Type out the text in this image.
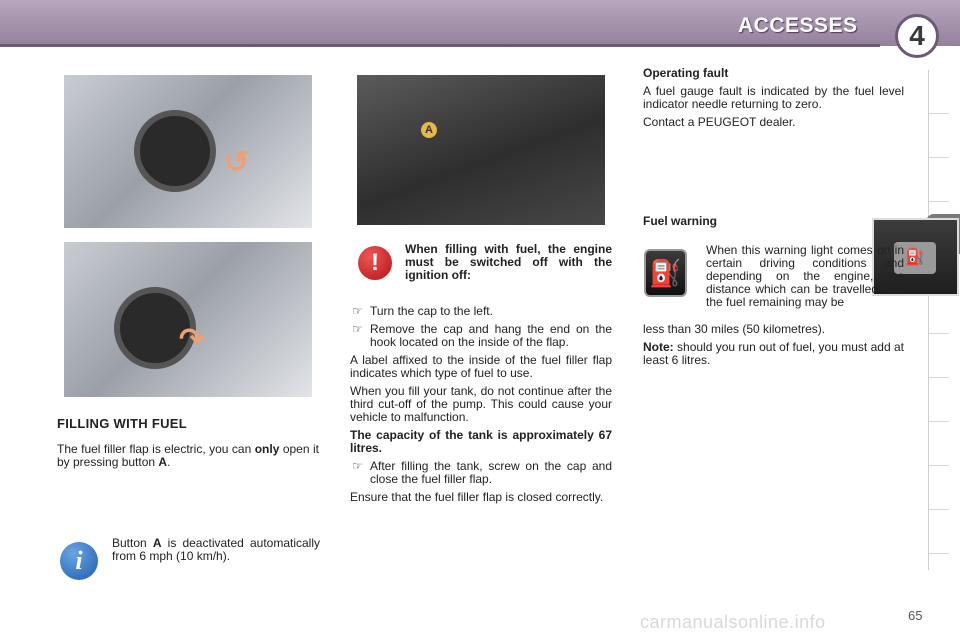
ACCESSES	4
↺
↷
⛽
A
FILLING WITH FUEL
The fuel filler flap is electric, you can only open it by pressing button A.
i
Button A is deactivated automatically from 6 mph (10 km/h).
!	When filling with fuel, the engine must be switched off with the ignition off:
☞ Turn the cap to the left.
☞ Remove the cap and hang the end on the hook located on the inside of the flap.

A label affixed to the inside of the fuel filler flap indicates which type of fuel to use.

When you fill your tank, do not continue after the third cut-off of the pump. This could cause your vehicle to malfunction.

The capacity of the tank is approximately 67 litres.

☞ After filling the tank, screw on the cap and close the fuel filler flap.

Ensure that the fuel filler flap is closed correctly.

Operating fault

A fuel gauge fault is indicated by the fuel level indicator needle returning to zero.

Contact a PEUGEOT dealer.

Fuel warning
⛽
When this warning light comes on in certain driving conditions and depending on the engine, the distance which can be travelled with the fuel remaining may be

less than 30 miles (50 kilometres).

Note: should you run out of fuel, you must add at least 6 litres.

carmanualsonline.info	65
